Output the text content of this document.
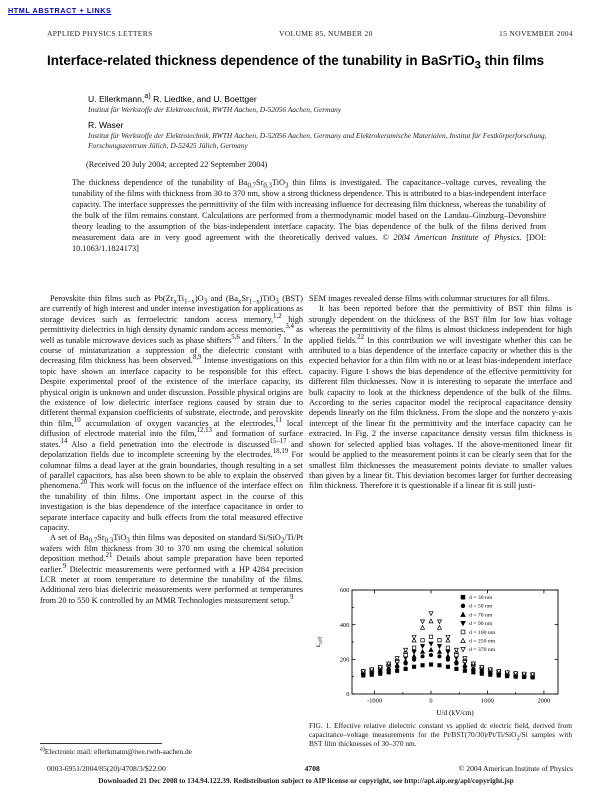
HTML ABSTRACT + LINKS
APPLIED PHYSICS LETTERS	VOLUME 85, NUMBER 20	15 NOVEMBER 2004
Interface-related thickness dependence of the tunability in BaSrTiO$_3$ thin films
U. Ellerkmann,$^{a)}$ R. Liedtke, and U. Boettger
Institut für Werkstoffe der Elektrotechnik, RWTH Aachen, D-52056 Aachen, Germany
R. Waser
Institut für Werkstoffe der Elektrotechnik, RWTH Aachen, D-52056 Aachen, Germany and Elektrokeramische Materialen, Institut für Festkörperforschung, Forschungszentrum Jülich, D-52425 Jülich, Germany
(Received 20 July 2004; accepted 22 September 2004)
The thickness dependence of the tunability of $Ba_{0.7}Sr_{0.3}TiO_3$ thin films is investigated. The capacitance–voltage curves, revealing the tunability of the films with thickness from 30 to 370 nm, show a strong thickness dependence. This is attributed to a bias-independent interface capacity. The interface suppresses the permittivity of the film with increasing influence for decreasing film thickness, whereas the tunability of the bulk of the film remains constant. Calculations are performed from a thermodynamic model based on the Landau–Ginzburg–Devonshire theory leading to the assumption of the bias-independent interface capacity. The bias dependence of the bulk of the films derived from measurement data are in very good agreement with the theoretically derived values. © 2004 American Institute of Physics. [DOI: 10.1063/1.1824173]

Perovskite thin films such as $Pb(Zr_xTi_{1-x})O_3$ and $(Ba_xSr_{1-x})TiO_3$ (BST) are currently of high interest and under intense investigation for applications as storage devices such as ferroelectric random access memory,$^{1,2}$ high permittivity dielectrics in high density dynamic random access memories,$^{3,4}$ as well as tunable microwave devices such as phase shifters$^{5,6}$ and filters.$^7$ In the course of miniaturization a suppression of the dielectric constant with decreasing film thickness has been observed.$^{8,9}$ Intense investigations on this topic have shown an interface capacity to be responsible for this effect. Despite experimental proof of the existence of the interface capacity, its physical origin is unknown and under discussion. Possible physical origins are the existence of low dielectric interface regions caused by strain due to different thermal expansion coefficients of substrate, electrode, and perovskite thin film,$^{10}$ accumulation of oxygen vacancies at the electrodes,$^{11}$ local diffusion of electrode material into the film,$^{12,13}$ and formation of surface states.$^{14}$ Also a field penetration into the electrode is discussed$^{15-17}$ and depolarization fields due to incomplete screening by the electrodes.$^{18,19}$ For columnar films a dead layer at the grain boundaries, though resulting in a set of parallel capacitors, has also been shown to be able to explain the observed phenomena.$^{20}$ This work will focus on the influence of the interface effect on the tunability of thin films. One important aspect in the course of this investigation is the bias dependence of the interface capacitance in order to separate interface capacity and bulk effects from the total measured effective capacity.

A set of $Ba_{0.7}Sr_{0.3}TiO_3$ thin films was deposited on standard Si/SiO$_2$/Ti/Pt wafers with film thickness from 30 to 370 nm using the chemical solution deposition method.$^{21}$ Details about sample preparation have been reported earlier.$^9$ Dielectric measurements were performed with a HP 4284 precision LCR meter at room temperature to determine the tunability of the films. Additional zero bias dielectric measurements were performed at temperatures from 20 to 550 K controlled by an MMR Technologies measurement setup.$^9$

SEM images revealed dense films with columnar structures for all films.

It has been reported before that the permittivity of BST thin films is strongly dependent on the thickness of the BST film for low bias voltage whereas the permittivity of the films is almost thickness independent for high applied fields.$^{22}$ In this contribution we will investigate whether this can be attributed to a bias dependence of the interface capacity or whether this is the expected behavior for a thin film with no or at least bias-independent interface capacity. Figure 1 shows the bias dependence of the effective permittivity for different film thicknesses. Now it is interesting to separate the interface and bulk capacity to look at the thickness dependence of the bulk of the films. According to the series capacitor model the reciprocal capacitance density depends linearly on the film thickness. From the slope and the nonzero y-axis intercept of the linear fit the permittivity and the interface capacity can be extracted. In Fig. 2 the inverse capacitance density versus film thickness is shown for selected applied bias voltages. If the above-mentioned linear fit would be applied to the measurement points it can be clearly seen that for the smallest film thicknesses the measurement points deviate to smaller values than given by a linear fit. This deviation becomes larger for further decreasing film thickness. Therefore it is questionable if a linear fit is still justi-

-1000	0	1000	2000
0
200
400
600
U/d (kV/cm)
$\varepsilon_{r,eff}$
d = 30 nm
d = 50 nm
d = 70 nm
d = 90 nm
d = 100 nm
d = 250 nm
d = 370 nm
FIG. 1. Effective relative dielectric constant vs applied dc electric field, derived from capacitance–voltage measurements for the Pt/BST(70/30)/Pt/Ti/SiO$_2$/Si samples with BST film thicknesses of 30–370 nm.
$^{a)}$Electronic mail: ellerkmann@iwe.rwth-aachen.de
0003-6951/2004/85(20)/4708/3/$22.00	4708	© 2004 American Institute of Physics
Downloaded 21 Dec 2008 to 134.94.122.39. Redistribution subject to AIP license or copyright, see http://apl.aip.org/apl/copyright.jsp
